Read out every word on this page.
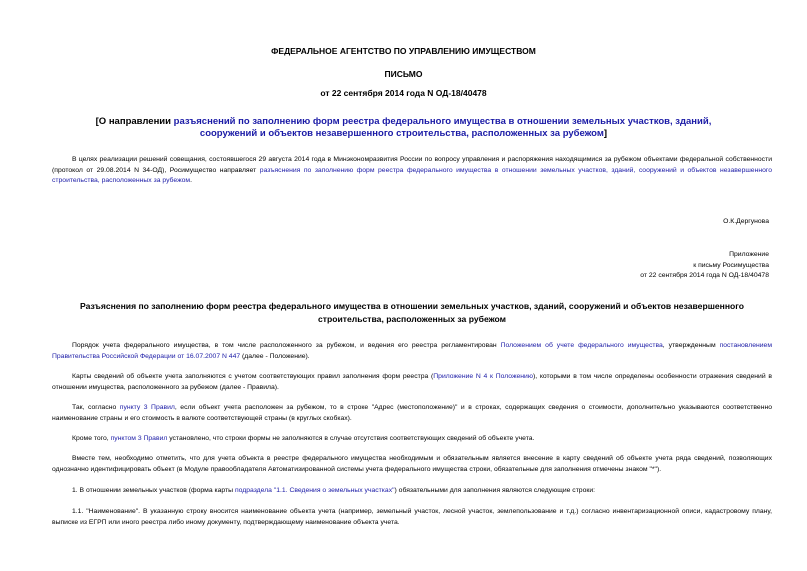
ФЕДЕРАЛЬНОЕ АГЕНТСТВО ПО УПРАВЛЕНИЮ ИМУЩЕСТВОМ
ПИСЬМО
от 22 сентября 2014 года N ОД-18/40478
[О направлении разъяснений по заполнению форм реестра федерального имущества в отношении земельных участков, зданий, сооружений и объектов незавершенного строительства, расположенных за рубежом]
В целях реализации решений совещания, состоявшегося 29 августа 2014 года в Минэкономразвития России по вопросу управления и распоряжения находящимися за рубежом объектами федеральной собственности (протокол от 29.08.2014 N 34-ОД), Росимущество направляет разъяснения по заполнению форм реестра федерального имущества в отношении земельных участков, зданий, сооружений и объектов незавершенного строительства, расположенных за рубежом.
О.К.Дергунова
Приложение
к письму Росимущества
от 22 сентября 2014 года N ОД-18/40478
Разъяснения по заполнению форм реестра федерального имущества в отношении земельных участков, зданий, сооружений и объектов незавершенного строительства, расположенных за рубежом
Порядок учета федерального имущества, в том числе расположенного за рубежом, и ведения его реестра регламентирован Положением об учете федерального имущества, утвержденным постановлением Правительства Российской Федерации от 16.07.2007 N 447 (далее - Положение).
Карты сведений об объекте учета заполняются с учетом соответствующих правил заполнения форм реестра (Приложение N 4 к Положению), которыми в том числе определены особенности отражения сведений в отношении имущества, расположенного за рубежом (далее - Правила).
Так, согласно пункту 3 Правил, если объект учета расположен за рубежом, то в строке "Адрес (местоположение)" и в строках, содержащих сведения о стоимости, дополнительно указываются соответственно наименование страны и его стоимость в валюте соответствующей страны (в круглых скобках).
Кроме того, пунктом 3 Правил установлено, что строки формы не заполняются в случае отсутствия соответствующих сведений об объекте учета.
Вместе тем, необходимо отметить, что для учета объекта в реестре федерального имущества необходимым и обязательным является внесение в карту сведений об объекте учета ряда сведений, позволяющих однозначно идентифицировать объект (в Модуле правообладателя Автоматизированной системы учета федерального имущества строки, обязательные для заполнения отмечены знаком "*").
1. В отношении земельных участков (форма карты подраздела "1.1. Сведения о земельных участках") обязательными для заполнения являются следующие строки:
1.1. "Наименование". В указанную строку вносится наименование объекта учета (например, земельный участок, лесной участок, землепользование и т.д.) согласно инвентаризационной описи, кадастровому плану, выписке из ЕГРП или иного реестра либо иному документу, подтверждающему наименование объекта учета.
